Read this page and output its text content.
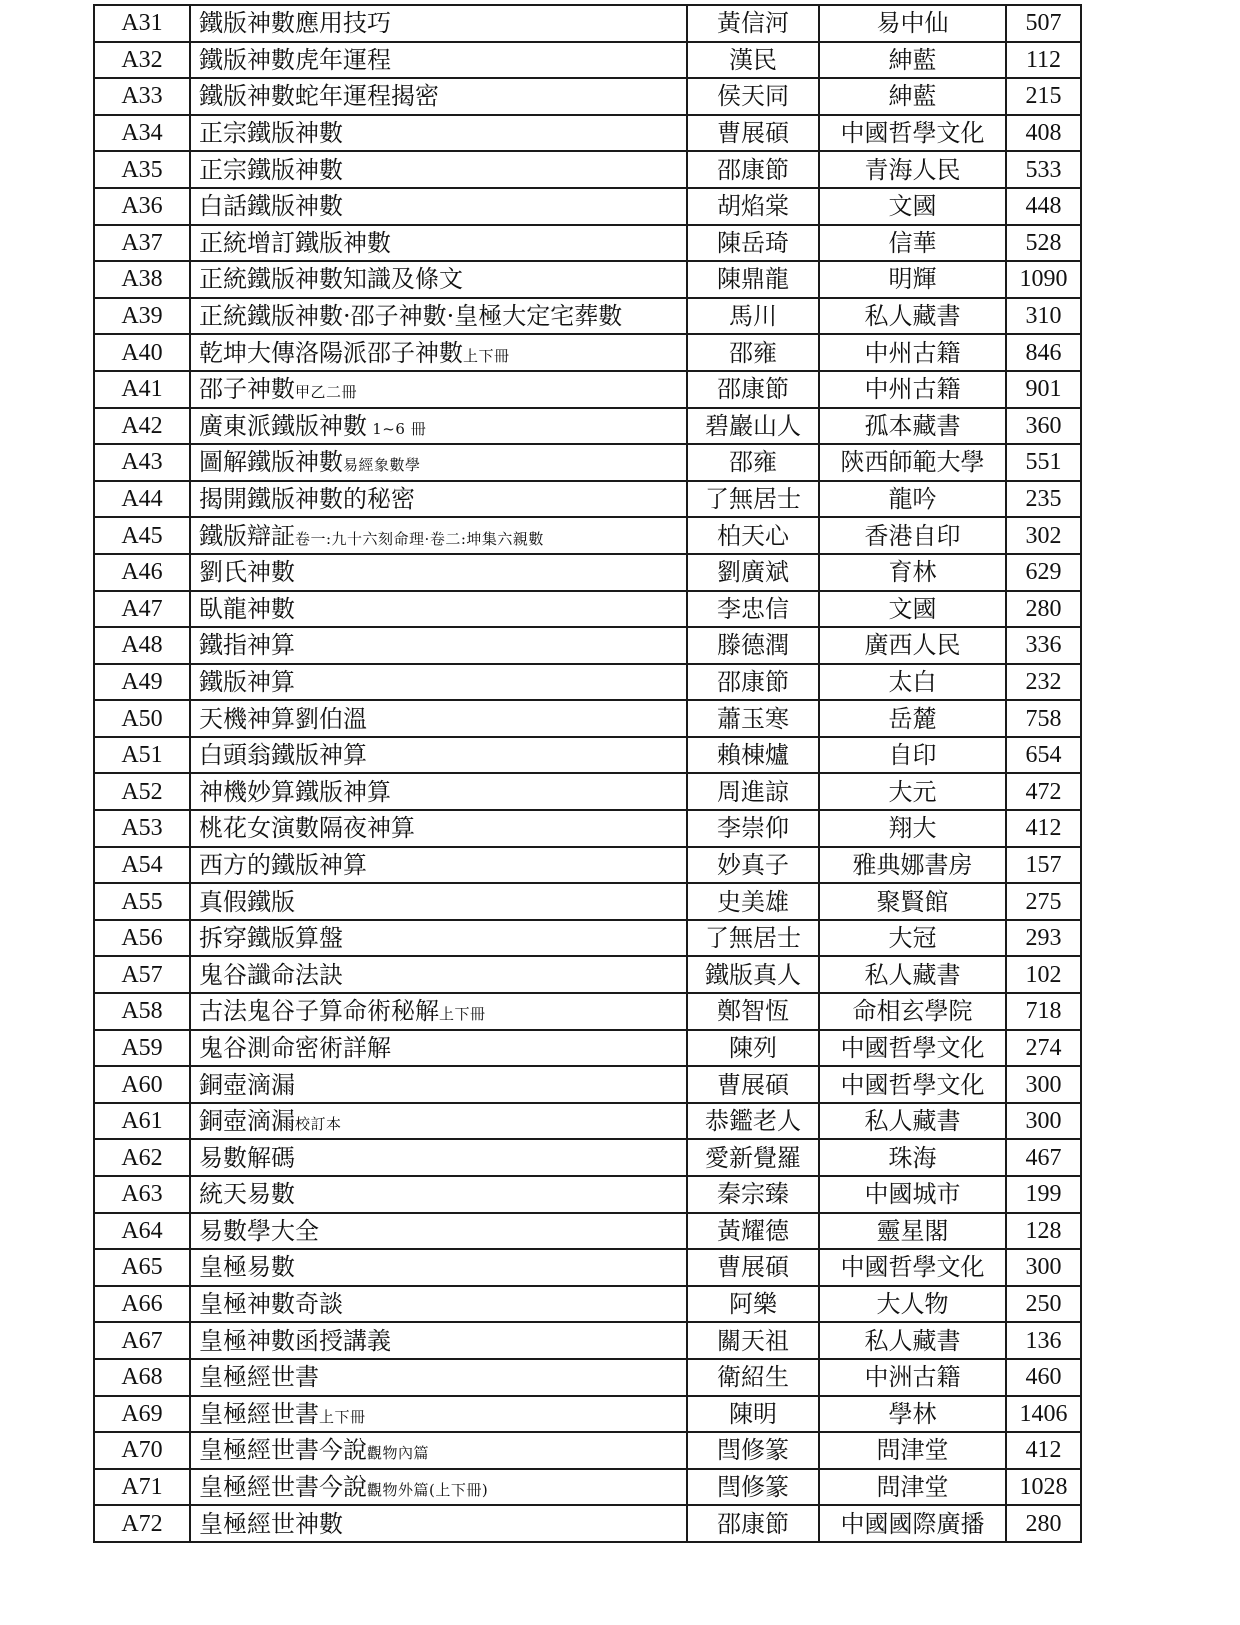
A31	鐵版神數應用技巧	黃信河	易中仙	507
A32	鐵版神數虎年運程	漢民	紳藍	112
A33	鐵版神數蛇年運程揭密	侯天同	紳藍	215
A34	正宗鐵版神數	曹展碩	中國哲學文化	408
A35	正宗鐵版神數	邵康節	青海人民	533
A36	白話鐵版神數	胡焰棠	文國	448
A37	正統增訂鐵版神數	陳岳琦	信華	528
A38	正統鐵版神數知識及條文	陳鼎龍	明輝	1090
A39	正統鐵版神數·邵子神數·皇極大定宅葬數	馬川	私人藏書	310
A40	乾坤大傳洛陽派邵子神數上下冊	邵雍	中州古籍	846
A41	邵子神數甲乙二冊	邵康節	中州古籍	901
A42	廣東派鐵版神數 1~6 冊	碧巖山人	孤本藏書	360
A43	圖解鐵版神數易經象數學	邵雍	陝西師範大學	551
A44	揭開鐵版神數的秘密	了無居士	龍吟	235
A45	鐵版辯証卷一:九十六刻命理·卷二:坤集六親數	柏天心	香港自印	302
A46	劉氏神數	劉廣斌	育林	629
A47	臥龍神數	李忠信	文國	280
A48	鐵指神算	滕德潤	廣西人民	336
A49	鐵版神算	邵康節	太白	232
A50	天機神算劉伯溫	蕭玉寒	岳麓	758
A51	白頭翁鐵版神算	賴棟爐	自印	654
A52	神機妙算鐵版神算	周進諒	大元	472
A53	桃花女演數隔夜神算	李崇仰	翔大	412
A54	西方的鐵版神算	妙真子	雅典娜書房	157
A55	真假鐵版	史美雄	聚賢館	275
A56	拆穿鐵版算盤	了無居士	大冠	293
A57	鬼谷讖命法訣	鐵版真人	私人藏書	102
A58	古法鬼谷子算命術秘解上下冊	鄭智恆	命相玄學院	718
A59	鬼谷測命密術詳解	陳列	中國哲學文化	274
A60	銅壺滴漏	曹展碩	中國哲學文化	300
A61	銅壺滴漏校訂本	恭鑑老人	私人藏書	300
A62	易數解碼	愛新覺羅	珠海	467
A63	統天易數	秦宗臻	中國城市	199
A64	易數學大全	黃耀德	靈星閣	128
A65	皇極易數	曹展碩	中國哲學文化	300
A66	皇極神數奇談	阿樂	大人物	250
A67	皇極神數函授講義	關天祖	私人藏書	136
A68	皇極經世書	衛紹生	中洲古籍	460
A69	皇極經世書上下冊	陳明	學林	1406
A70	皇極經世書今說觀物內篇	閆修篆	問津堂	412
A71	皇極經世書今說觀物外篇(上下冊)	閆修篆	問津堂	1028
A72	皇極經世神數	邵康節	中國國際廣播	280
